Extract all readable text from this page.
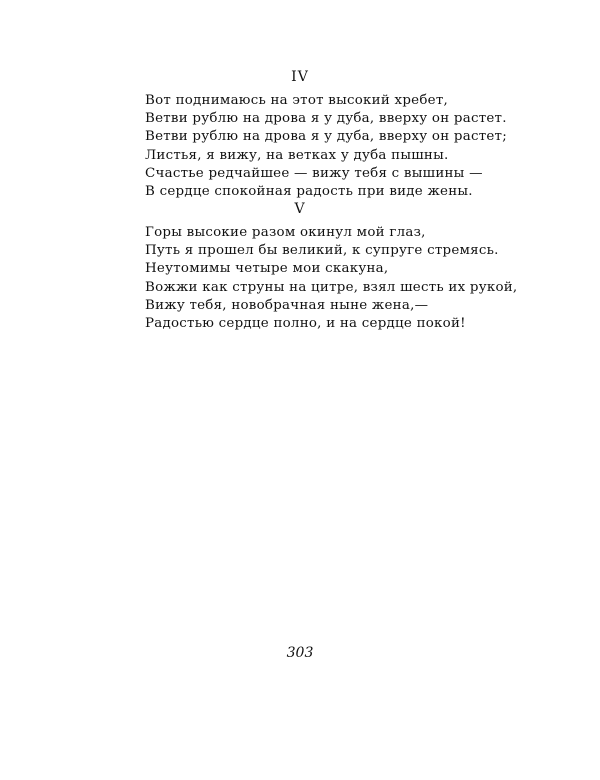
IV
Вот поднимаюсь на этот высокий хребет,
Ветви рублю на дрова я у дуба, вверху он растет.
Ветви рублю на дрова я у дуба, вверху он растет;
Листья, я вижу, на ветках у дуба пышны.
Счастье редчайшее — вижу тебя с вышины —
В сердце спокойная радость при виде жены.
V
Горы высокие разом окинул мой глаз,
Путь я прошел бы великий, к супруге стремясь.
Неутомимы четыре мои скакуна,
Вожжи как струны на цитре, взял шесть их рукой,
Вижу тебя, новобрачная ныне жена,—
Радостью сердце полно, и на сердце покой!
303
